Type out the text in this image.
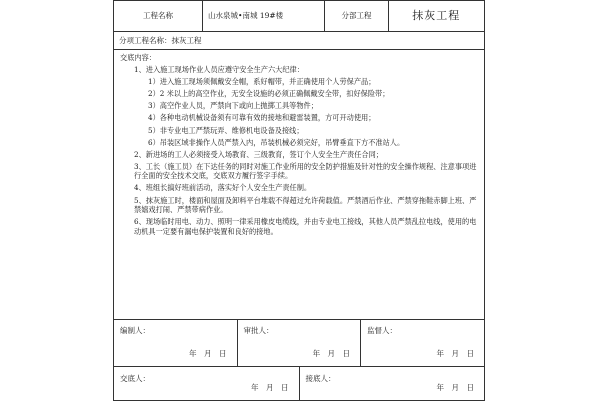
工程名称	山水泉城•南城 19#楼	分部工程	抹灰工程
分项工程名称：抹灰工程

交底内容：

1、进入施工现场作业人员应遵守安全生产六大纪律：

1）进入施工现场须佩戴安全帽，系好帽带，并正确使用个人劳保产品；

2）2 米以上的高空作业，无安全设施的必须正确佩戴安全带，扣好保险带；

3）高空作业人员，严禁向下或向上抛掷工具等物件；

4）各种电动机械设备须有可靠有效的接地和避雷装置，方可开动使用；

5）非专业电工严禁玩弄、维修机电设备及接线；

6）吊装区域非操作人员严禁入内，吊装机械必须完好，吊臂垂直下方不准站人。

2、新进场的工人必须接受入场教育、三级教育，签订个人安全生产责任合同；

3、工长（施工员）在下达任务的同时对施工作业所用的安全防护措施及针对性的安全操作规程、注意事项进行全面的安全技术交底，交底双方履行签字手续。

4、班组长搞好班前活动，落实好个人安全生产责任制。

5、抹灰施工时，楼面和屋面及卸料平台堆载不得超过允许荷载值。严禁酒后作业、严禁穿拖鞋赤脚上班、严禁嬉戏打闹、严禁带病作业。

6、现场临时用电、动力、照明一律采用橡皮电缆线，并由专业电工接线，其他人员严禁乱拉电线，使用的电动机具一定要有漏电保护装置和良好的接地。

编制人：
年　月　日
	审批人：
年　月　日
	监督人：
年　月　日
交底人：
年　月　日
	接底人：
年　月　日
